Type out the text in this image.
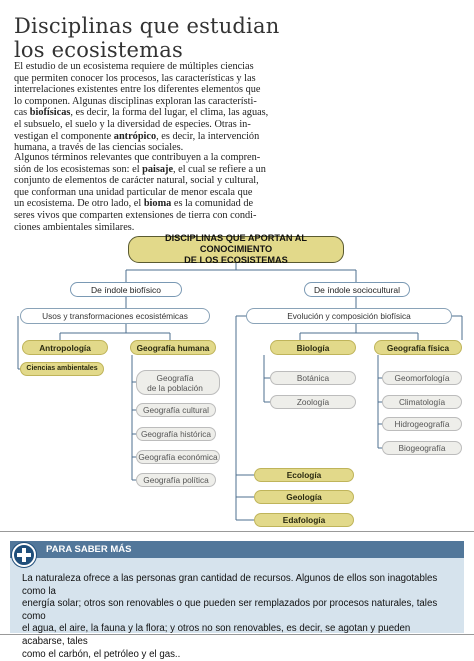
Disciplinas que estudian
los ecosistemas

El estudio de un ecosistema requiere de múltiples ciencias
que permiten conocer los procesos, las características y las
interrelaciones existentes entre los diferentes elementos que
lo componen. Algunas disciplinas exploran las característi-
cas biofísicas, es decir, la forma del lugar, el clima, las aguas,
el subsuelo, el suelo y la diversidad de especies. Otras in-
vestigan el componente antrópico, es decir, la intervención
humana, a través de las ciencias sociales.

Algunos términos relevantes que contribuyen a la compren-
sión de los ecosistemas son: el paisaje, el cual se refiere a un
conjunto de elementos de carácter natural, social y cultural,
que conforman una unidad particular de menor escala que
un ecosistema. De otro lado, el bioma es la comunidad de
seres vivos que comparten extensiones de tierra con condi-
ciones ambientales similares.

DISCIPLINAS QUE APORTAN AL CONOCIMIENTO
DE LOS ECOSISTEMAS
De índole biofísico	De índole sociocultural
Usos y transformaciones ecosistémicas	Evolución y composición biofísica
Antropología
Ciencias ambientales
Geografía humana
Geografía
de la población
Geografía cultural
Geografía histórica
Geografía económica
Geografía política
Biología	Geografía física
Botánica
Zoología
Geomorfología
Climatología
Hidrogeografía
Biogeografía
Ecología
Geología
Edafología
PARA SABER MÁS

La naturaleza ofrece a las personas gran cantidad de recursos. Algunos de ellos son inagotables como la
energía solar; otros son renovables o que pueden ser remplazados por procesos naturales, tales como
el agua, el aire, la fauna y la flora; y otros no son renovables, es decir, se agotan y pueden acabarse, tales
como el carbón, el petróleo y el gas..
